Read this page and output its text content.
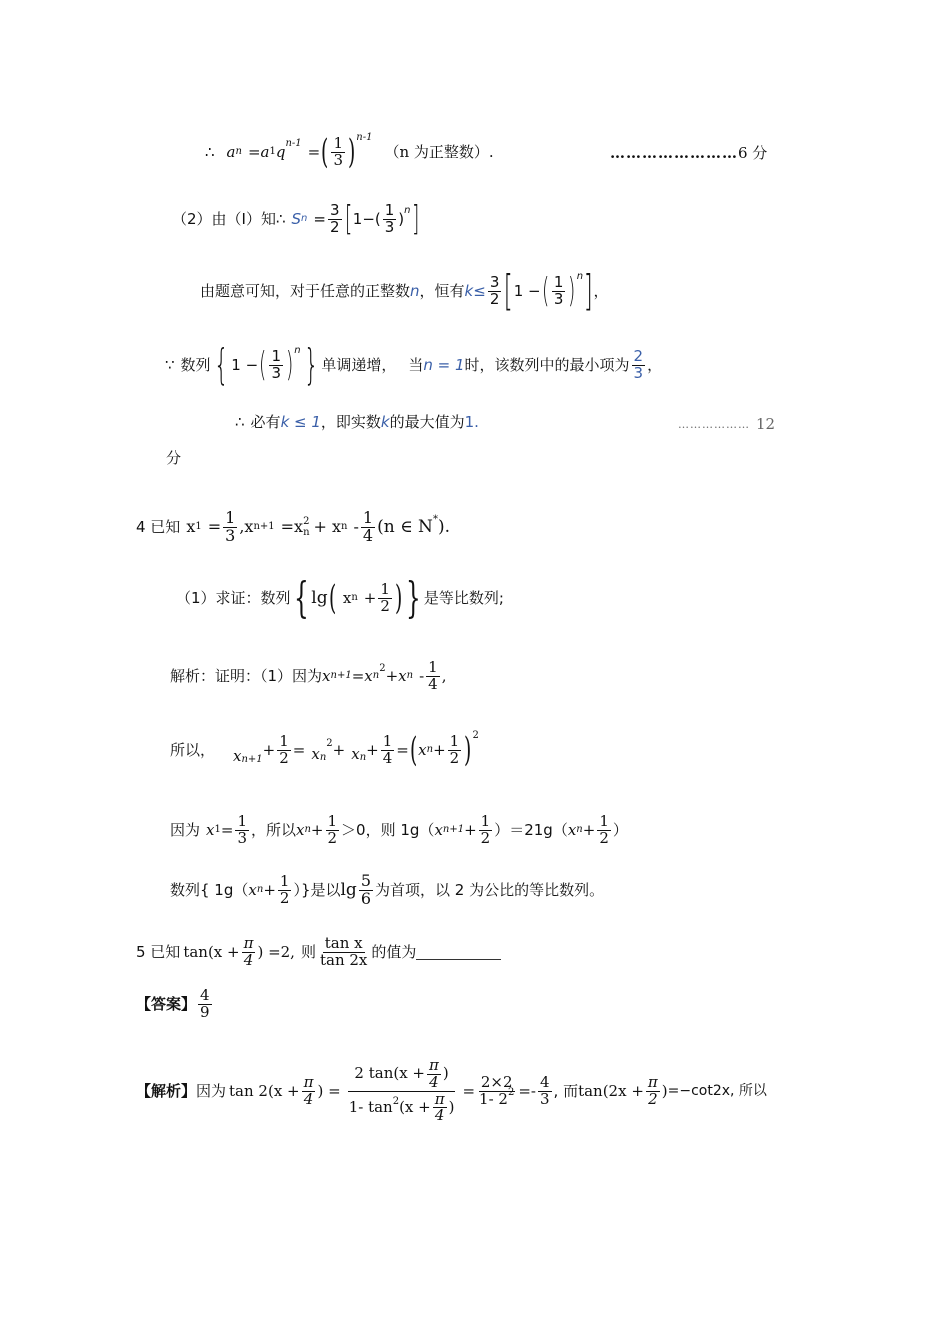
∴ a n =a 1 $q^{n-1}$ = ( $\frac{1}{3} )^{n-1}$
（n 为正整数）.	…………………… 6 分
（2）由（Ⅰ）知∴ S $n = \frac{3}{2}$ [ $1-( \frac{1}{3} )^n$ ]
由题意可知，对于任意的正整数 n ，恒有 $k \le \frac{3}{2}$ [ 1 − ( $\frac{1}{3} )^n$ ] ，
∵ 数列 { 1 − ( $\frac{1}{3} )^n$ } 单调递增， 当 n = 1 时，该数列中的最小项为 $\frac{2}{3}$ ，
∴ 必有 k ≤ 1 ，即实数 k 的最大值为 1.	……………… 12
分
4 已知 x $1 = \frac{1}{3}$ , x n+1 =x 2
n + x n - $\frac{1}{4} (n$ ∈ N* ).
（1）求证：数列 { lg ( x $n + \frac{1}{2}$ ) } 是等比数列;
解析：证明：（1）因为 x n+1 = x n
$^2$ + x n - $\frac{1}{4}$ ,
所以， $x_{n+1}$
+ $\frac{1}{2} = x_n$
$^2 + x_n + \frac{1}{4}$ = ( x $n + \frac{1}{2} )^2$
因为 x $1 = \frac{1}{3}$ ，所以 x $n + \frac{1}{2} >0$，则 1g（ x $n+1 + \frac{1}{2} )=21g$（ x $n + \frac{1}{2}$ ）
数列{ 1g（ x $n + \frac{1}{2}$ ）}是以 $\lg \frac{5}{6}$ 为首项，以 2 为公比的等比数列。
5 已知 $\tan(x + \frac{\pi}{4}$ ) =2, 则 $\frac{\text{tan x}}{\tan 2x}$ 的值为
【答案】 $\frac{4}{9}$
【解析】 因为 $\tan 2(x + \frac{\pi}{4}$ ) = $\frac{2 \tan(x + \frac{\pi}{4} )}{1- \tan^2 (x + \frac{\pi}{4} )} = \frac{2\times 2}{1- 2^2} =- \frac{4}{3}$ , 而 $\tan(2x + \frac{\pi}{2}$ ) =−cot2x, 所以
